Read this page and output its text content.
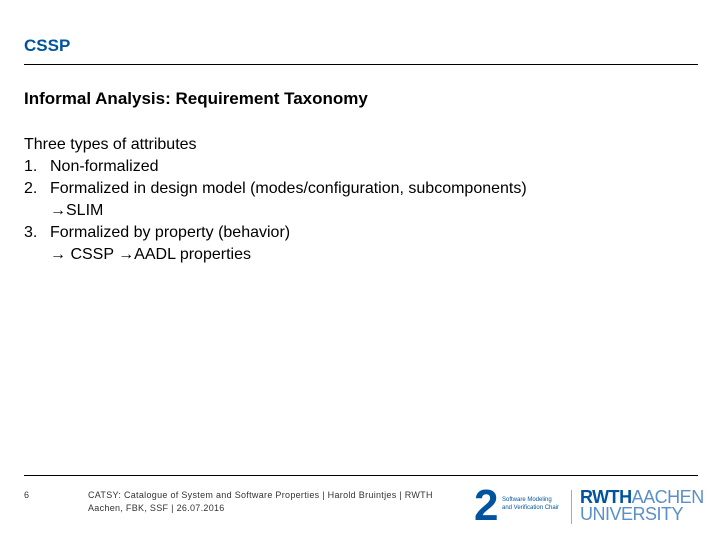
CSSP
Informal Analysis: Requirement Taxonomy
Three types of attributes
1. Non-formalized
2. Formalized in design model (modes/configuration, subcomponents)
→SLIM
3. Formalized by property (behavior)
→ CSSP →AADL properties
6	CATSY: Catalogue of System and Software Properties | Harold Bruintjes | RWTH
Aachen, FBK, SSF | 26.07.2016	2 Software Modeling
and Verification Chair
RWTHAACHEN
UNIVERSITY
